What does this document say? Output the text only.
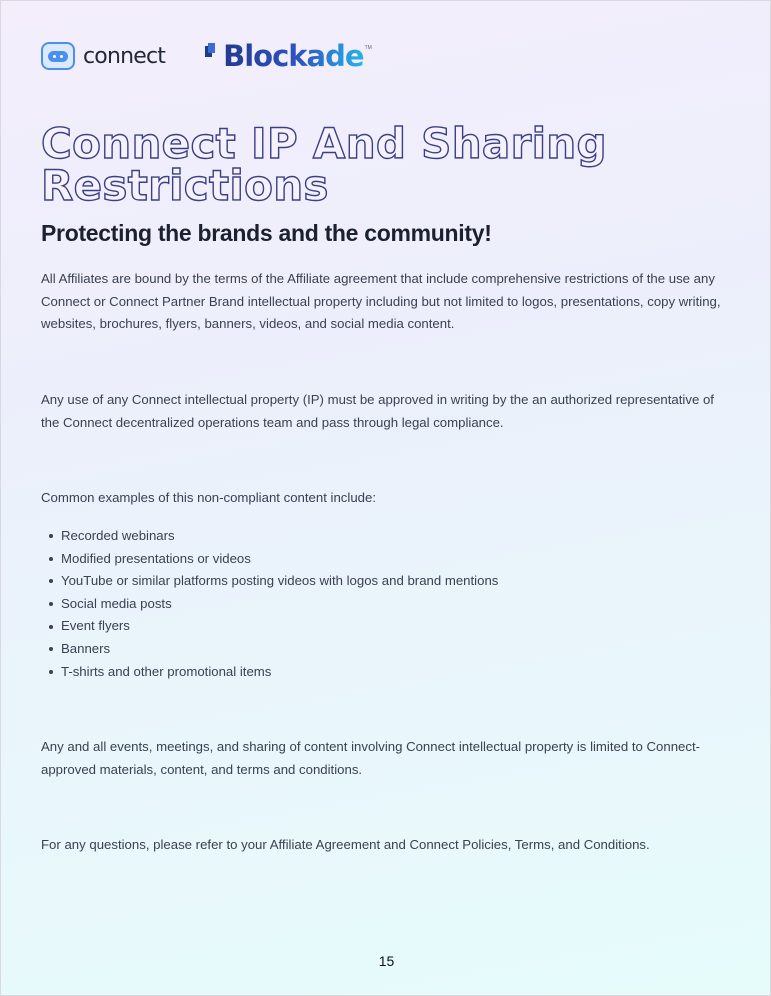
connect Blockade TM
Connect IP And Sharing Restrictions
Protecting the brands and the community!

All Affiliates are bound by the terms of the Affiliate agreement that include comprehensive restrictions of the use any Connect or Connect Partner Brand intellectual property including but not limited to logos, presentations, copy writing, websites, brochures, flyers, banners, videos, and social media content.

Any use of any Connect intellectual property (IP) must be approved in writing by the an authorized representative of the Connect decentralized operations team and pass through legal compliance.

Common examples of this non-compliant content include:

Recorded webinars
Modified presentations or videos
YouTube or similar platforms posting videos with logos and brand mentions
Social media posts
Event flyers
Banners
T-shirts and other promotional items

Any and all events, meetings, and sharing of content involving Connect intellectual property is limited to Connect-approved materials, content, and terms and conditions.

For any questions, please refer to your Affiliate Agreement and Connect Policies, Terms, and Conditions.

15
